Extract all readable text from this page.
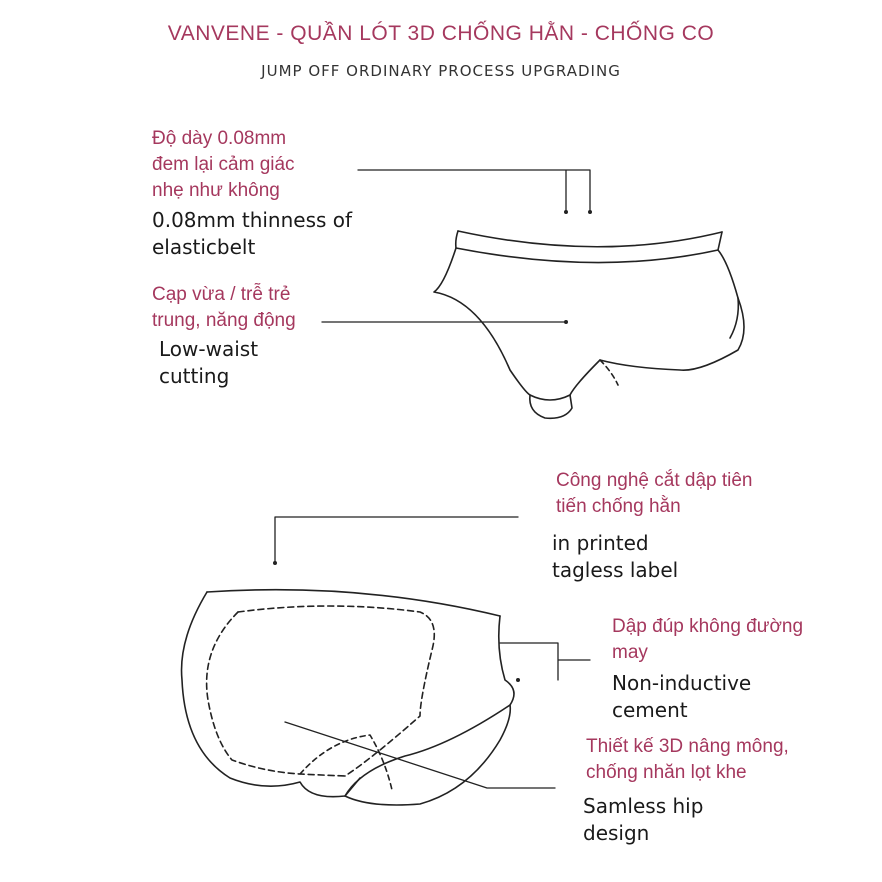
VANVENE - QUẦN LÓT 3D CHỐNG HẰN - CHỐNG CO
JUMP OFF ORDINARY PROCESS UPGRADING
Độ dày 0.08mm
đem lại cảm giác
nhẹ như không
0.08mm thinness of
elasticbelt
Cạp vừa / trễ trẻ
trung, năng động
Low-waist
cutting
Công nghệ cắt dập tiên
tiến chống hằn
in printed
tagless label
Dập đúp không đường
may
Non-inductive
cement
Thiết kế 3D nâng mông,
chống nhăn lọt khe
Samless hip
design
